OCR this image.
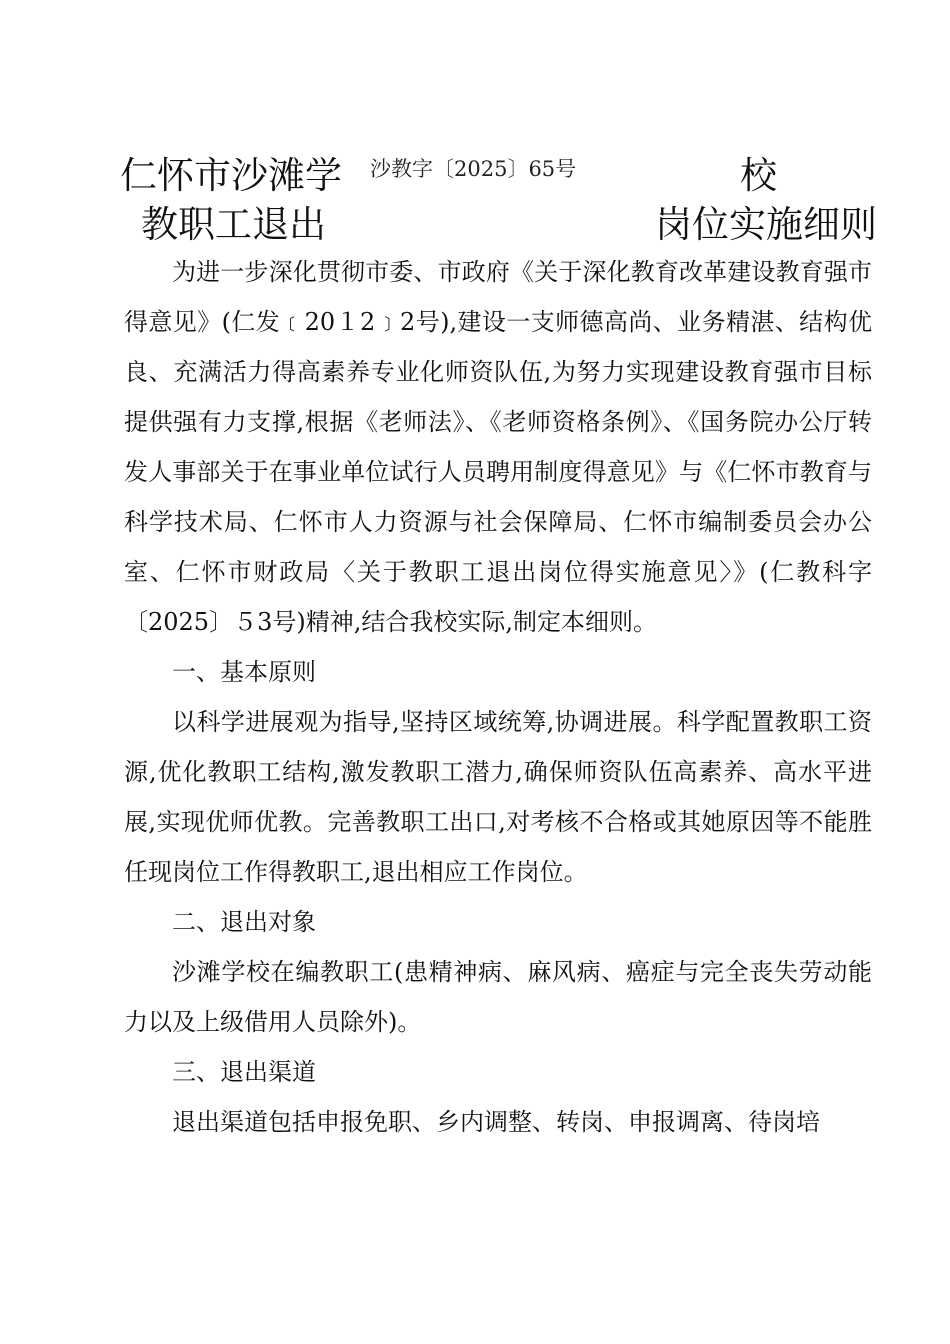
仁怀市沙滩学 沙教字〔2025〕65号	校
教职工退出	岗位实施细则

为进一步深化贯彻市委、市政府《关于深化教育改革建设教育强市得意见》(仁发﹝20１2﹞2号),建设一支师德高尚、业务精湛、结构优良、充满活力得高素养专业化师资队伍,为努力实现建设教育强市目标提供强有力支撑,根据《老师法》、《老师资格条例》、《国务院办公厅转发人事部关于在事业单位试行人员聘用制度得意见》与《仁怀市教育与科学技术局、仁怀市人力资源与社会保障局、仁怀市编制委员会办公室、仁怀市财政局〈关于教职工退出岗位得实施意见〉》(仁教科字〔2025〕５3号)精神,结合我校实际,制定本细则。

一、基本原则

以科学进展观为指导,坚持区域统筹,协调进展。科学配置教职工资源,优化教职工结构,激发教职工潜力,确保师资队伍高素养、高水平进展,实现优师优教。完善教职工出口,对考核不合格或其她原因等不能胜任现岗位工作得教职工,退出相应工作岗位。

二、退出对象

沙滩学校在编教职工(患精神病、麻风病、癌症与完全丧失劳动能力以及上级借用人员除外)。

三、退出渠道

退出渠道包括申报免职、乡内调整、转岗、申报调离、待岗培
